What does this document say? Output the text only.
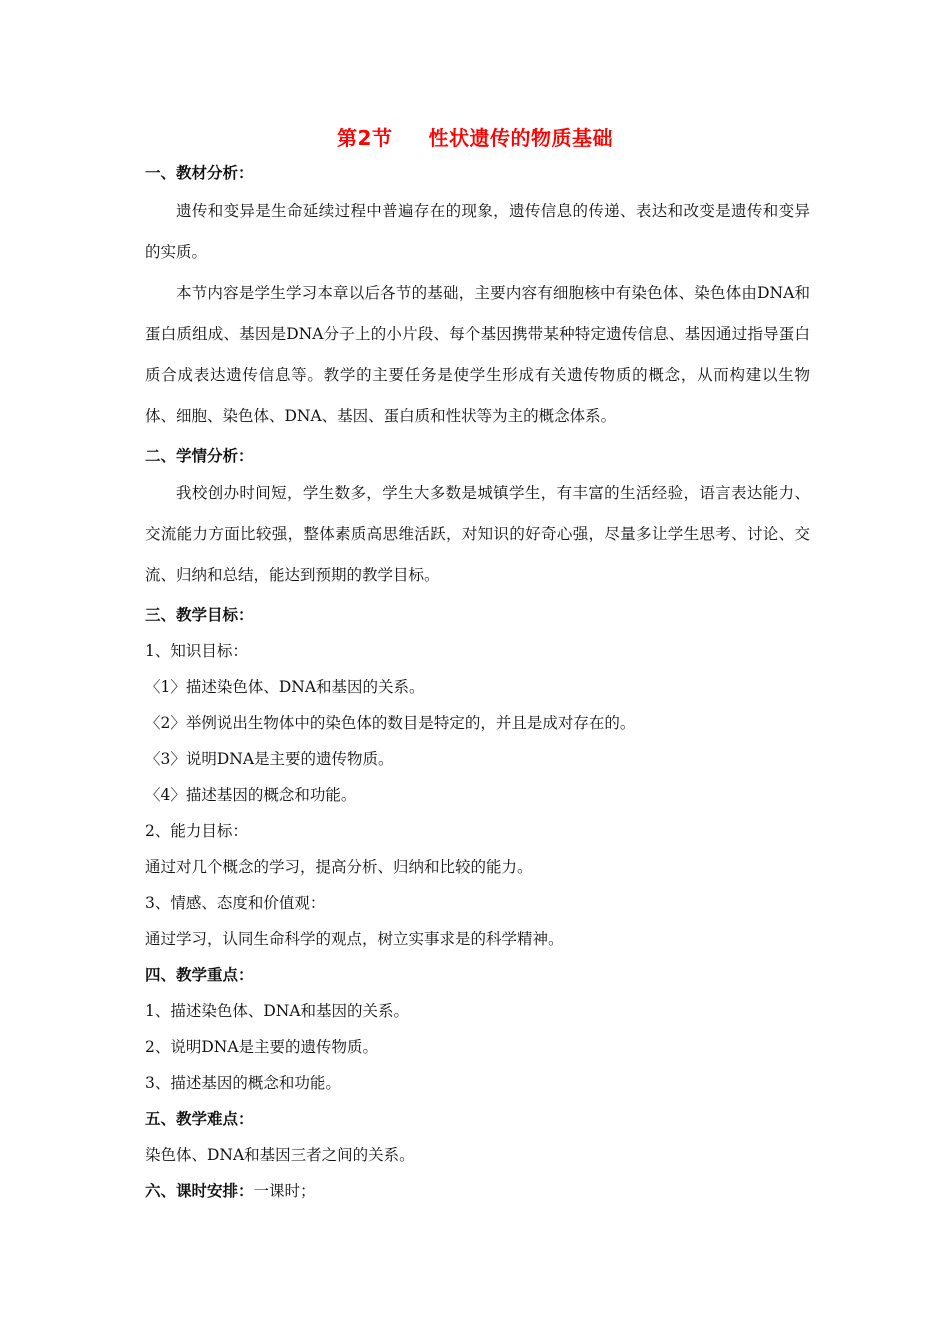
第2节 性状遗传的物质基础
一、教材分析：
遗传和变异是生命延续过程中普遍存在的现象，遗传信息的传递、表达和改变是遗传和变异的实质。
本节内容是学生学习本章以后各节的基础，主要内容有细胞核中有染色体、染色体由DNA和蛋白质组成、基因是DNA分子上的小片段、每个基因携带某种特定遗传信息、基因通过指导蛋白质合成表达遗传信息等。教学的主要任务是使学生形成有关遗传物质的概念，从而构建以生物体、细胞、染色体、DNA、基因、蛋白质和性状等为主的概念体系。
二、学情分析：
我校创办时间短，学生数多，学生大多数是城镇学生，有丰富的生活经验，语言表达能力、交流能力方面比较强，整体素质高思维活跃，对知识的好奇心强，尽量多让学生思考、讨论、交流、归纳和总结，能达到预期的教学目标。
三、教学目标：
1、知识目标：
〈1〉描述染色体、DNA和基因的关系。
〈2〉举例说出生物体中的染色体的数目是特定的，并且是成对存在的。
〈3〉说明DNA是主要的遗传物质。
〈4〉描述基因的概念和功能。
2、能力目标：
通过对几个概念的学习，提高分析、归纳和比较的能力。
3、情感、态度和价值观：
通过学习，认同生命科学的观点，树立实事求是的科学精神。
四、教学重点：
1、描述染色体、DNA和基因的关系。
2、说明DNA是主要的遗传物质。
3、描述基因的概念和功能。
五、教学难点：
染色体、DNA和基因三者之间的关系。
六、课时安排：一课时；
